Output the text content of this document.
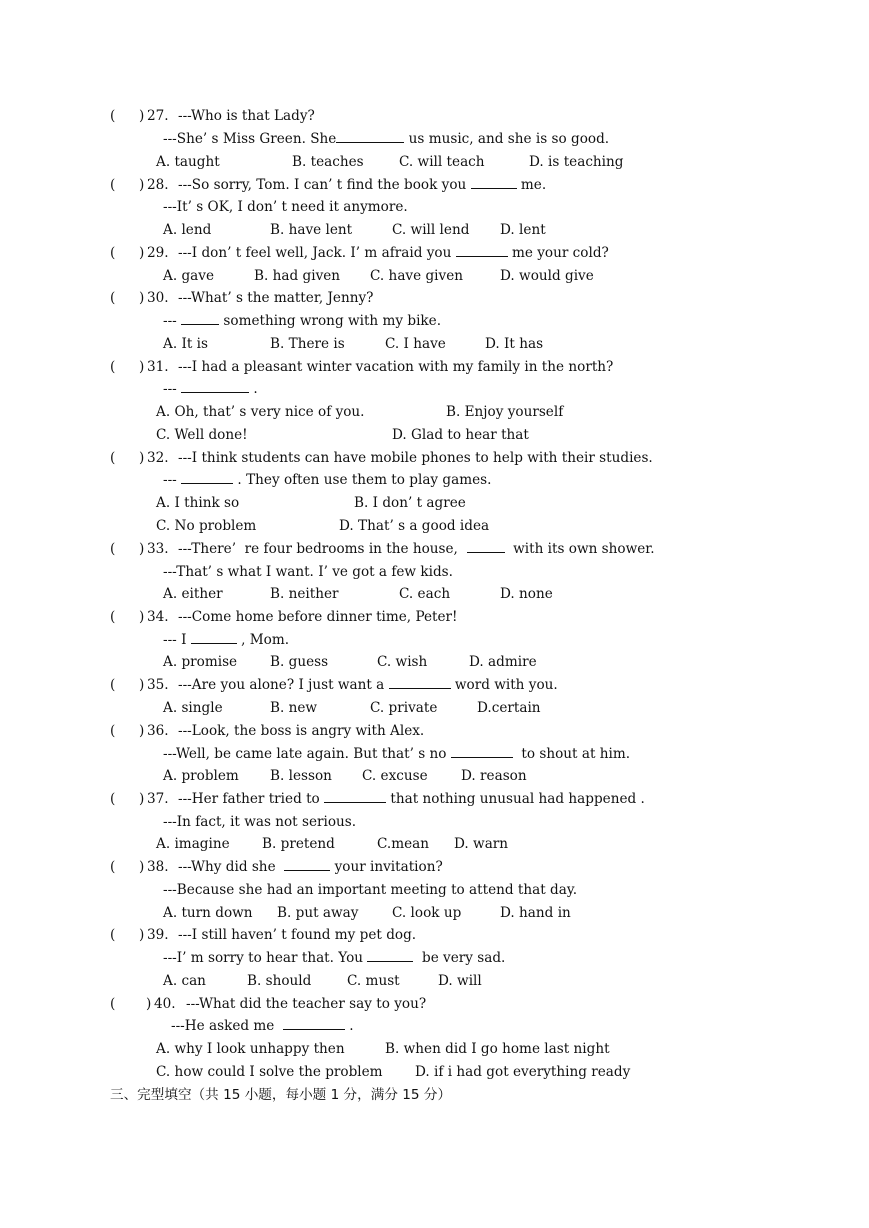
( ) 27. ---Who is that Lady?
---She’ s Miss Green. She	us music, and she is so good.
A. taught	B. teaches	C. will teach	D. is teaching
( ) 28. ---So sorry, Tom. I can’ t find the book you	me.
---It’ s OK, I don’ t need it anymore.
A. lend	B. have lent	C. will lend D. lent
( ) 29. ---I don’ t feel well, Jack. I’ m afraid you	me your cold?
A. gave	B. had given C. have given	D. would give
( ) 30. ---What’ s the matter, Jenny?
---	something wrong with my bike.
A. It is	B. There is	C. I have	D. It has
( ) 31. ---I had a pleasant winter vacation with my family in the north?
---	.
A. Oh, that’ s very nice of you.	B. Enjoy yourself
C. Well done!	D. Glad to hear that
( ) 32. ---I think students can have mobile phones to help with their studies.
---	. They often use them to play games.
A. I think so	B. I don’ t agree
C. No problem	D. That’ s a good idea
( ) 33. ---There’  re four bedrooms in the house,	with its own shower.
---That’ s what I want. I’ ve got a few kids.
A. either	B. neither	C. each	D. none
( ) 34. ---Come home before dinner time, Peter!
--- I	, Mom.
A. promise B. guess	C. wish	D. admire
( ) 35. ---Are you alone? I just want a	word with you.
A. single	B. new	C. private	D.certain
( ) 36. ---Look, the boss is angry with Alex.
---Well, be came late again. But that’ s no	to shout at him.
A. problem B. lesson C. excuse D. reason
( ) 37. ---Her father tried to	that nothing unusual had happened .
---In fact, it was not serious.
A. imagine B. pretend	C.mean D. warn
( ) 38. ---Why did she	your invitation?
---Because she had an important meeting to attend that day.
A. turn down B. put away C. look up	D. hand in
( ) 39. ---I still haven’ t found my pet dog.
---I’ m sorry to hear that. You	be very sad.
A. can	B. should	C. must	D. will
( ) 40. ---What did the teacher say to you?
---He asked me	.
A. why I look unhappy then	B. when did I go home last night
C. how could I solve the problem D. if i had got everything ready
三、完型填空（共 15 小题，每小题 1 分，满分 15 分）
